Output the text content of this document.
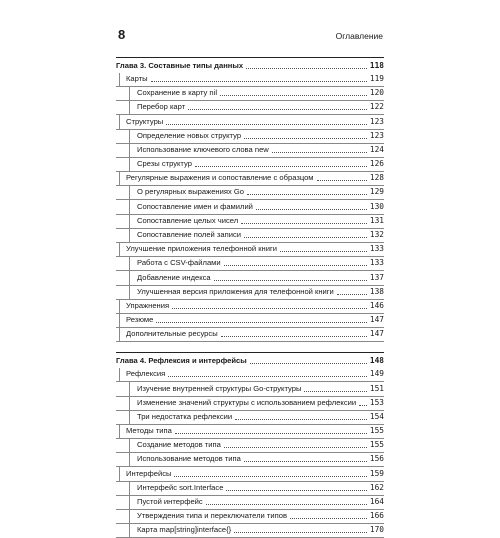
8	Оглавление
Глава 3. Составные типы данных	118
Карты	119
Сохранение в карту nil	120
Перебор карт	122
Структуры	123
Определение новых структур	123
Использование ключевого слова new	124
Срезы структур	126
Регулярные выражения и сопоставление с образцом	128
О регулярных выражениях Go	129
Сопоставление имен и фамилий	130
Сопоставление целых чисел	131
Сопоставление полей записи	132
Улучшение приложения телефонной книги	133
Работа с CSV-файлами	133
Добавление индекса	137
Улучшенная версия приложения для телефонной книги	138
Упражнения	146
Резюме	147
Дополнительные ресурсы	147
Глава 4. Рефлексия и интерфейсы	148
Рефлексия	149
Изучение внутренней структуры Go-структуры	151
Изменение значений структуры с использованием рефлексии 153
Три недостатка рефлексии	154
Методы типа	155
Создание методов типа	155
Использование методов типа	156
Интерфейсы	159
Интерфейс sort.Interface	162
Пустой интерфейс	164
Утверждения типа и переключатели типов	166
Карта map[string]interface{}	170
